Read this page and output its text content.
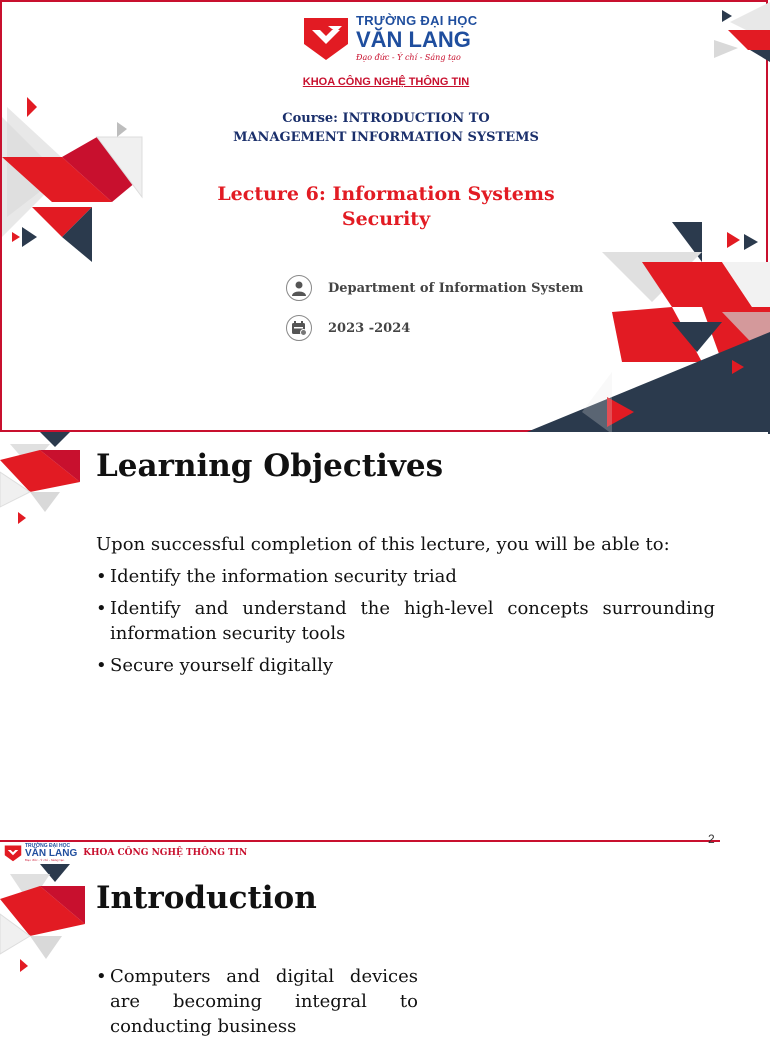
TRƯỜNG ĐẠI HỌC
VĂN LANG
Đạo đức - Ý chí - Sáng tạo
KHOA CÔNG NGHỆ THÔNG TIN
Course: INTRODUCTION TO
MANAGEMENT INFORMATION SYSTEMS
Lecture 6: Information Systems
Security
Department of Information System
2023 -2024
Learning Objectives
Upon successful completion of this lecture, you will be able to:
• Identify the information security triad
• Identify and understand the high-level concepts surrounding information security tools
• Secure yourself digitally
2
TRƯỜNG ĐẠI HỌC
VĂN LANG
Đạo đức - Ý chí - Sáng tạo
KHOA CÔNG NGHỆ THÔNG TIN
Introduction
• Computers and digital devices
are becoming integral to
conducting business
